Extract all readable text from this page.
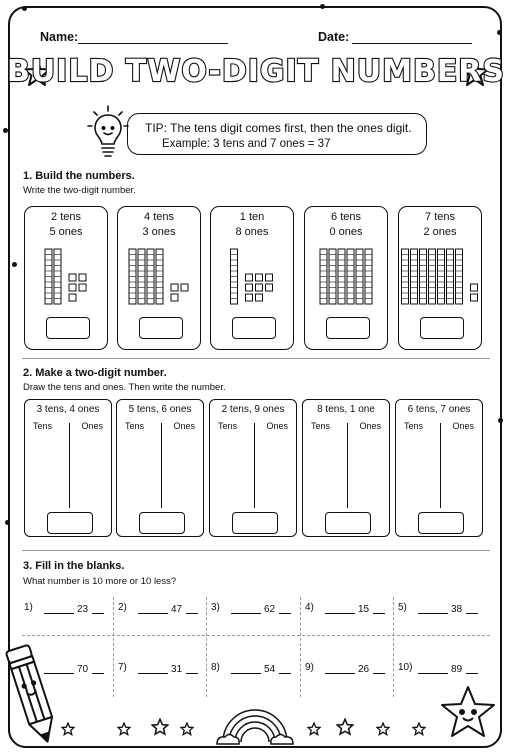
Name:	Date:
BUILD TWO-DIGIT NUMBERS
TIP: The tens digit comes first, then the ones digit.
Example: 3 tens and 7 ones = 37
1. Build the numbers.
Write the two-digit number.
2 tens
5 ones
4 tens
3 ones
1 ten
8 ones
6 tens
0 ones
7 tens
2 ones
2. Make a two-digit number.
Draw the tens and ones. Then write the number.
3 tens, 4 ones
Tens	Ones
5 tens, 6 ones
Tens	Ones
2 tens, 9 ones
Tens	Ones
8 tens, 1 one
Tens	Ones
6 tens, 7 ones
Tens	Ones
3. Fill in the blanks.
What number is 10 more or 10 less?
1)	23	2)	47	3)	62	4)	15	5)	38
70	7)	31	8)	54	9)	26	10)	89
